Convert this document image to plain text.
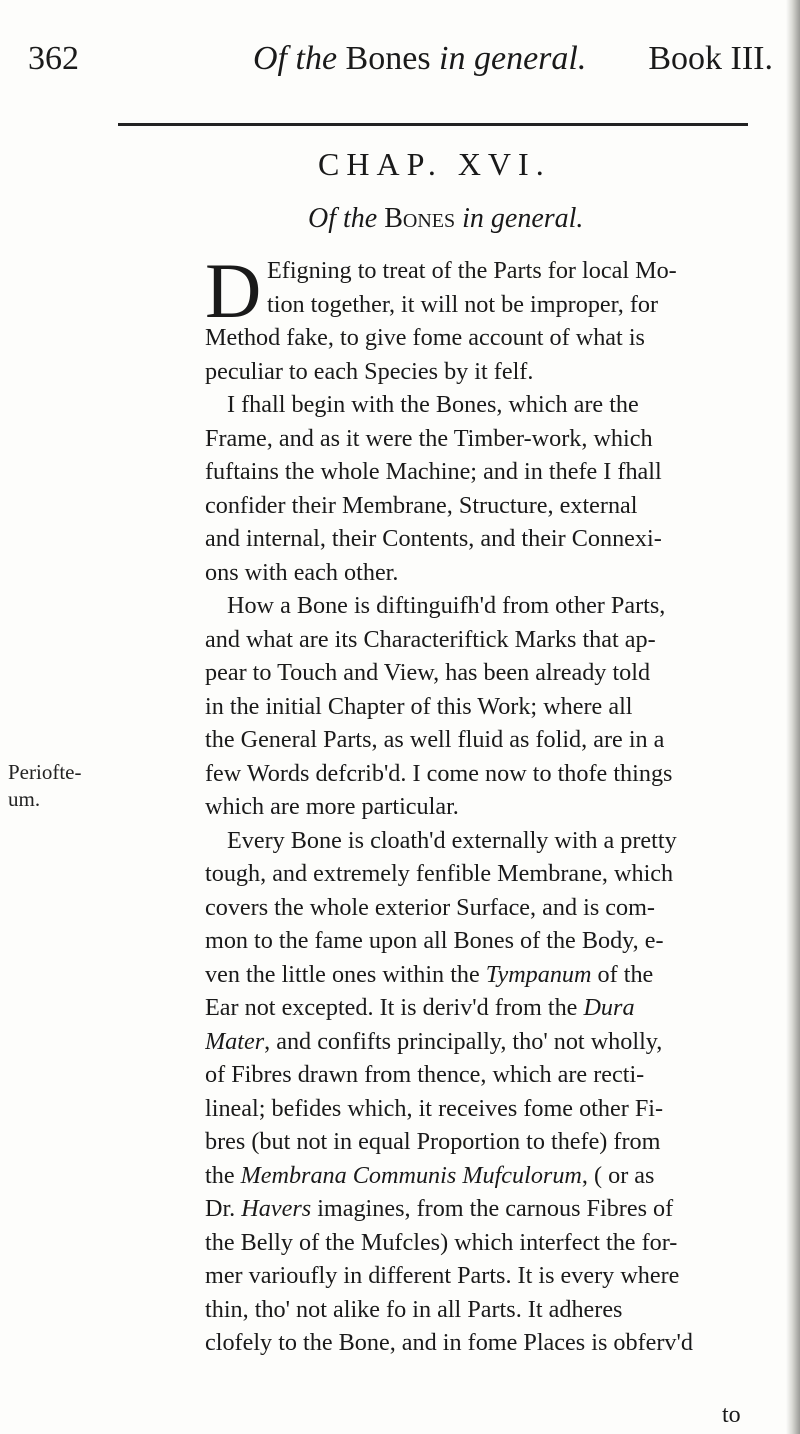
362	Of the Bones in general. Book III.
CHAP. XVI.
Of the Bones in general.
Periofte-
um.
D Efigning to treat of the Parts for local Mo-
tion together, it will not be improper, for
Method fake, to give fome account of what is
peculiar to each Species by it felf.
I fhall begin with the Bones, which are the
Frame, and as it were the Timber-work, which
fuftains the whole Machine; and in thefe I fhall
confider their Membrane, Structure, external
and internal, their Contents, and their Connexi-
ons with each other.
How a Bone is diftinguifh'd from other Parts,
and what are its Characteriftick Marks that ap-
pear to Touch and View, has been already told
in the initial Chapter of this Work; where all
the General Parts, as well fluid as folid, are in a
few Words defcrib'd. I come now to thofe things
which are more particular.
Every Bone is cloath'd externally with a pretty
tough, and extremely fenfible Membrane, which
covers the whole exterior Surface, and is com-
mon to the fame upon all Bones of the Body, e-
ven the little ones within the Tympanum of the
Ear not excepted. It is deriv'd from the Dura
Mater, and confifts principally, tho' not wholly,
of Fibres drawn from thence, which are recti-
lineal; befides which, it receives fome other Fi-
bres (but not in equal Proportion to thefe) from
the Membrana Communis Mufculorum, ( or as
Dr. Havers imagines, from the carnous Fibres of
the Belly of the Mufcles) which interfect the for-
mer varioufly in different Parts. It is every where
thin, tho' not alike fo in all Parts. It adheres
clofely to the Bone, and in fome Places is obferv'd
to
